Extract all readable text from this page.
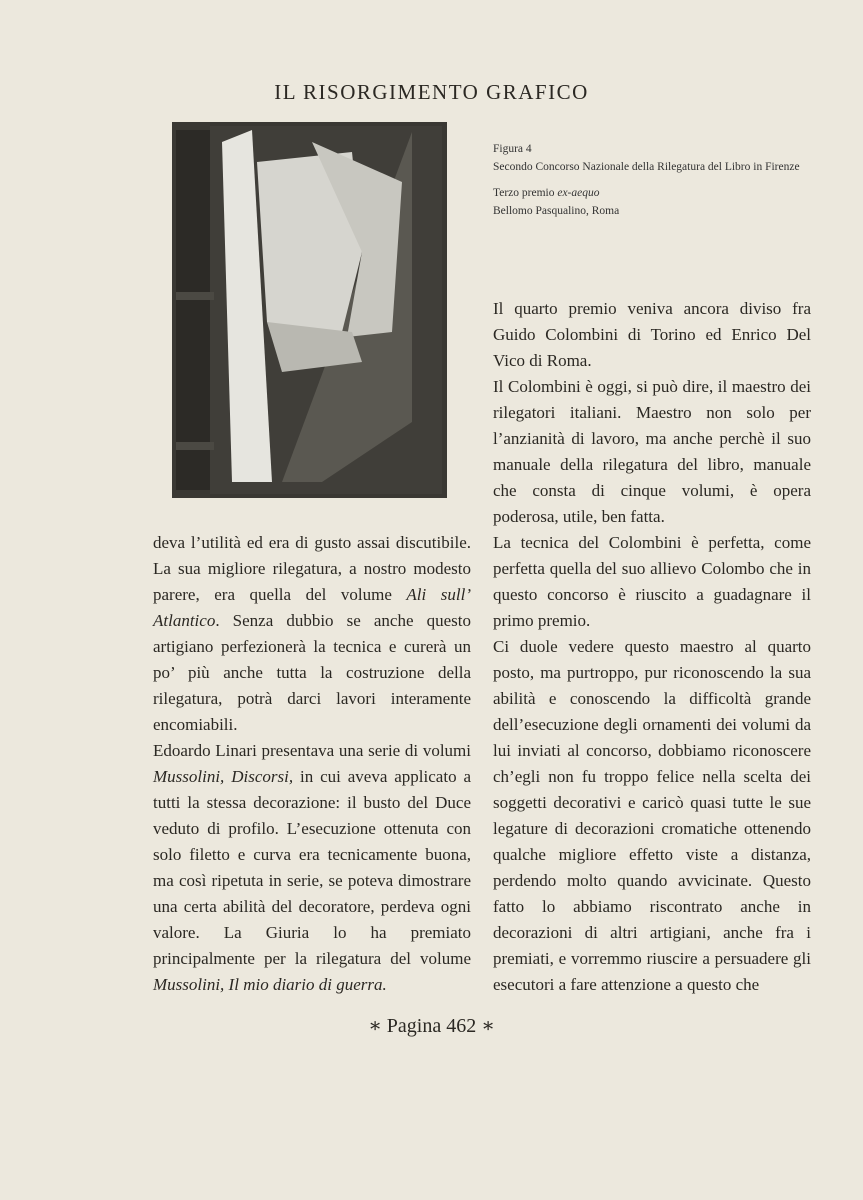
IL RISORGIMENTO GRAFICO
Figura 4
Secondo Concorso Nazionale della Rilegatura del Libro in Firenze
Terzo premio ex-aequo
Bellomo Pasqualino, Roma

deva l’utilità ed era di gusto assai discutibile. La sua migliore rilegatura, a nostro modesto parere, era quella del volume Ali sull’ Atlantico. Senza dubbio se anche questo artigiano perfezionerà la tecnica e curerà un po’ più anche tutta la costruzione della rilegatura, potrà darci lavori interamente encomiabili.

Edoardo Linari presentava una serie di volumi Mussolini, Discorsi, in cui aveva applicato a tutti la stessa decorazione: il busto del Duce veduto di profilo. L’esecuzione ottenuta con solo filetto e curva era tecnicamente buona, ma così ripetuta in serie, se poteva dimostrare una certa abilità del decoratore, perdeva ogni valore. La Giuria lo ha premiato principalmente per la rilegatura del volume Mussolini, Il mio diario di guerra.

Il quarto premio veniva ancora diviso fra Guido Colombini di Torino ed Enrico Del Vico di Roma.

Il Colombini è oggi, si può dire, il maestro dei rilegatori italiani. Maestro non solo per l’anzianità di lavoro, ma anche perchè il suo manuale della rilegatura del libro, manuale che consta di cinque volumi, è opera poderosa, utile, ben fatta.

La tecnica del Colombini è perfetta, come perfetta quella del suo allievo Colombo che in questo concorso è riuscito a guadagnare il primo premio.

Ci duole vedere questo maestro al quarto posto, ma purtroppo, pur riconoscendo la sua abilità e conoscendo la difficoltà grande dell’esecuzione degli ornamenti dei volumi da lui inviati al concorso, dobbiamo riconoscere ch’egli non fu troppo felice nella scelta dei soggetti decorativi e caricò quasi tutte le sue legature di decorazioni cromatiche ottenendo qualche migliore effetto viste a distanza, perdendo molto quando avvicinate. Questo fatto lo abbiamo riscontrato anche in decorazioni di altri artigiani, anche fra i premiati, e vorremmo riuscire a persuadere gli esecutori a fare attenzione a questo che

∗ Pagina 462 ∗
